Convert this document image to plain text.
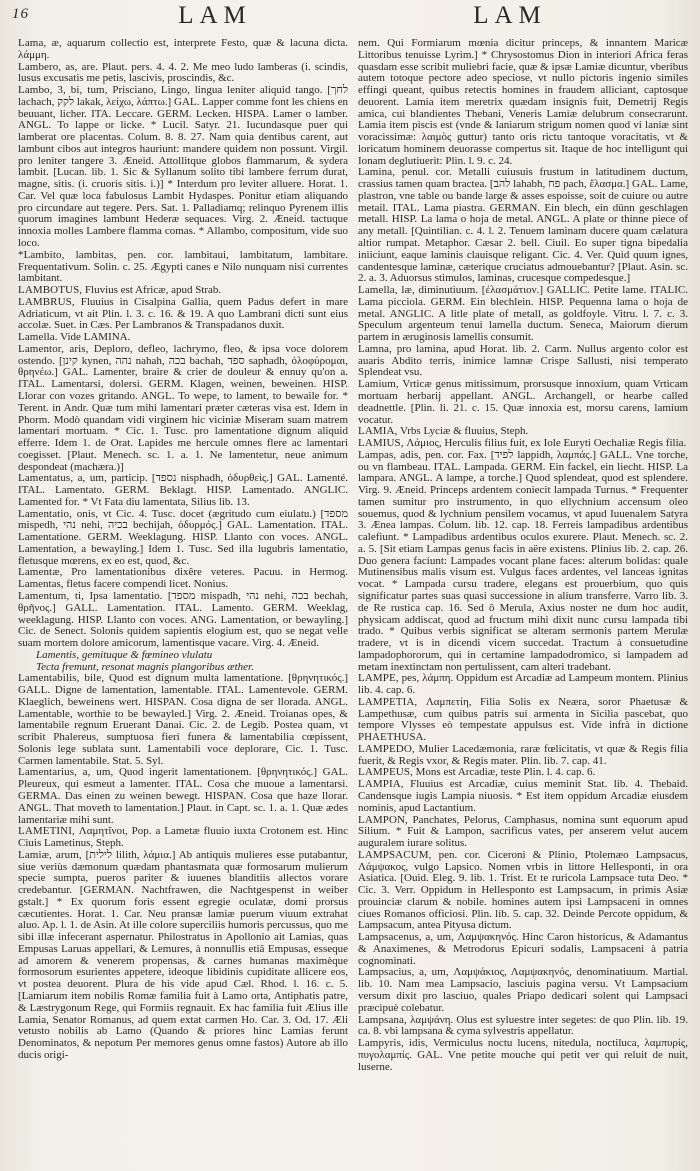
16	LAM	LAM

Lama, æ, aquarum collectio est, interprete Festo, quæ & lacuna dicta. λάμμη.

Lambero, as, are. Plaut. pers. 4. 4. 2. Me meo ludo lamberas (i. scindis, lusus excusatis me petis, lascivis, proscindis, &c.

Lambo, 3, bi, tum, Prisciano, Lingo, lingua leniter aliquid tango. [לחך lachach, לקק lakak, λείχω, λάπτω.] GAL. Lapper comme font les chiens en beuuant, licher. ITA. Leccare. GERM. Lecken. HISPA. Lamer o lamber. ANGL. To lappe or licke. * Lucil. Satyr. 21. Iucundasque puer qui lamberat ore placentas. Colum. 8. 8. 27. Nam quia dentibus carent, aut lambunt cibos aut integros hauriunt: mandere quidem non possunt. Virgil. pro leniter tangere 3. Æneid. Attollitque globos flammarum, & sydera lambit. [Lucan. lib. 1. Sic & Syllanum solito tibi lambere ferrum durat, magne, sitis. (i. cruoris sitis. i.)] * Interdum pro leviter alluere. Horat. 1. Car. Vel quæ loca fabulosus Lambit Hydaspes. Ponitur etiam aliquando pro circundare aut tegere. Pers. Sat. 1. Palladiamq; relinquo Pyrenem illis quorum imagines lambunt Hederæ sequaces. Virg. 2. Æneid. tactuque innoxia molles Lambere flamma comas. * Allambo, compositum, vide suo loco.

*Lambito, lambitas, pen. cor. lambitaui, lambitatum, lambitare. Frequentativum. Solin. c. 25. Ægypti canes e Nilo nunquam nisi currentes lambitant.

LAMBOTUS, Fluvius est Africæ, apud Strab.

LAMBRUS, Fluuius in Cisalpina Gallia, quem Padus defert in mare Adriaticum, vt ait Plin. l. 3. c. 16. & 19. A quo Lambrani dicti sunt eius accolæ. Suet. in Cæs. Per Lambranos & Transpadanos duxit.

Lamella. Vide LAMINA.

Lamentor, aris, Deploro, defleo, lachrymo, fleo, & ipsa voce dolorem ostendo. [קינן kynen, נהה nahah, בכה bachah, ספד saphadh, ὀλοφύρομαι, θρηνέω.] GAL. Lamenter, braire & crier de douleur & ennuy qu'on a. ITAL. Lamentarsi, dolersi. GERM. Klagen, weinen, beweinen. HISP. Llorar con vozes gritando. ANGL. To wepe, to lament, to bewaile for. * Terent. in Andr. Quæ tum mihi lamentari præter cæteras visa est. Idem in Phorm. Modò quandam vidi virginem hic viciniæ Miseram suam matrem lamentari mortuam. * Cic. 1. Tusc. pro lamentatione dignum aliquid efferre. Idem 1. de Orat. Lapides me hercule omnes flere ac lamentari coegisset. [Plaut. Menech. sc. 1. a. 1. Ne lamentetur, neue animum despondeat (machæra.)]

Lamentatus, a, um, particip. [נספד nisphadh, ὀδυρθεὶς.] GAL. Lamenté. ITAL. Lamentato. GERM. Beklagt. HISP. Lamentado. ANGLIC. Lamented for. * Vt Fata diu lamentata, Silius lib. 13.

Lamentatio, onis, vt Cic. 4. Tusc. docet (ægritudo cum eiulatu.) [מספד mispedh, נהי nehi, בכיה bechijah, ὀδυρμός.] GAL. Lamentation. ITAL. Lamentatione. GERM. Weeklagung. HISP. Llanto con voces. ANGL. Lamentation, a bewayling.] Idem 1. Tusc. Sed illa lugubris lamentatio, fletusque mœrens, ex eo est, quod, &c.

Lamentæ, Pro lamentationibus dixêre veteres. Pacuu. in Hermog. Lamentas, fletus facere compendi licet. Nonius.

Lamentum, ti, Ipsa lamentatio. [מספד mispadh, נהי nehi, בכה bechah, θρῆνος.] GALL. Lamentation. ITAL. Lamento. GERM. Weeklag, weeklagung. HISP. Llanto con voces. ANG. Lamentation, or bewayling.] Cic. de Senect. Solonis quidem sapientis elogium est, quo se negat velle suam mortem dolore amicorum, lamentisque vacare. Virg. 4. Æneid.

Lamentis, gemituque & fœmineo vlulatu
Tecta fremunt, resonat magnis plangoribus æther.

Lamentabilis, bile, Quod est dignum multa lamentatione. [θρηνητικός.] GALL. Digne de lamentation, lamentable. ITAL. Lamentevole. GERM. Klaeglich, beweinens wert. HISPAN. Cosa digna de ser llorada. ANGL. Lamentable, worthie to be bewayled.] Virg. 2. Æneid. Troianas opes, & lamentabile regnum Eruerant Danai. Cic. 2. de Legib. Postea quam, vt scribit Phalereus, sumptuosa fieri funera & lamentabilia cœpissent, Solonis lege sublata sunt. Lamentabili voce deplorare, Cic. 1. Tusc. Carmen lamentabile. Stat. 5. Syl.

Lamentarius, a, um, Quod ingerit lamentationem. [θρηνητικός.] GAL. Pleureux, qui esmeut a lamenter. ITAL. Cosa che muoue a lamentarsi. GERMA. Das einen zu weinen bewegt. HISPAN. Cosa que haze llorar. ANGL. That moveth to lamentation.] Plaut. in Capt. sc. 1. a. 1. Quæ ædes lamentariæ mihi sunt.

LAMETINI, Λαμητῖνοι, Pop. a Lametæ fluuio iuxta Crotonem est. Hinc Ciuis Lametinus, Steph.

Lamiæ, arum, [לילית lilith, λάμια.] Ab antiquis mulieres esse putabantur, siue veriùs dæmonum quædam phantasmata quæ formosarum mulierum specie sumpta, pueros pariter & iuuenes blanditiis allectos vorare credebantur. [GERMAN. Nachtfrawen, die Nachtgespenst in weiber gstalt.] * Ex quorum foris essent egregie oculatæ, domi prorsus cæcutientes. Horat. 1. Car. Neu pransæ lamiæ puerum viuum extrahat aluo. Ap. l. 1. de Asin. At ille colore superciliis humoris percussus, quo me sibi illæ infecerant aspernatur. Philostratus in Apollonio ait Lamias, quas Empusas Laruas appellari, & Lemures, à nonnullis etiã Empusas, esseque ad amorem & venerem propensas, & carnes humanas maximèque formosorum esurientes appetere, ideoque libidinis cupiditate allicere eos, vt postea deuorent. Plura de his vide apud Cæl. Rhod. l. 16. c. 5. [Lamiarum item nobilis Romæ familia fuit à Lamo orta, Antiphatis patre, & Læstrygonum Rege, qui Formiis regnauit. Ex hac familia fuit Ælius ille Lamia, Senator Romanus, ad quem extat carmen Ho. Car. 3. Od. 17. Æli vetusto nobilis ab Lamo (Quando & priores hinc Lamias ferunt Denominatos, & nepotum Per memores genus omne fastos) Autore ab illo ducis origi-

nem. Qui Formiarum mœnia dicitur princeps, & innantem Maricæ Littoribus tenuisse Lyrim.] * Chrysostomus Dion in interiori Africa feras quasdam esse scribit muliebri facie, quæ & ipsæ Lamiæ dicuntur, vberibus autem totoque pectore adeo speciose, vt nullo pictoris ingenio similes effingi queant, quibus retectis homines in fraudem alliciant, captosque deuorent. Lamia item meretrix quædam insignis fuit, Demetrij Regis amica, cui blandientes Thebani, Veneris Lamiæ delubrum consecrarunt. Lamia item piscis est (vnde & laniarum strigum nomen quod vi laniæ sint voracissimæ: λαιμὸς guttur) tanto oris rictu tantoque voracitatis, vt & loricatum hominem deuorasse compertus sit. Itaque de hoc intelligunt qui Ionam deglutiuerit: Plin. l. 9. c. 24.

Lamina, penul. cor. Metalli cuiusuis frustum in latitudinem ductum, crassius tamen quam bractea. [להב lahabh, פח pach, ἔλασμα.] GAL. Lame, plastron, vne table ou bande large & asses espoisse, soit de cuiure ou autre metail. ITAL. Lama piastra. GERMAN. Ein blech, ein dünn geschlagen metall. HISP. La lama o hoja de metal. ANGL. A plate or thinne piece of any metall. [Quintilian. c. 4. l. 2. Tenuem laminam ducere quam cælatura altior rumpat. Metaphor. Cæsar 2. bell. Ciuil. Eo super tigna bipedalia iniiciunt, eaque laminis clauisque religant. Cic. 4. Ver. Quid quum ignes, candentesque laminæ, cæterique cruciatus admouebantur? [Plaut. Asin. sc. 2. a. 3. Aduorsus stimulos, laminas, crucesque compedesque.]

Lamella, læ, diminutiuum. [ἐλασμάτιον.] GALLIC. Petite lame. ITALIC. Lama picciola. GERM. Ein blechlein. HISP. Pequenna lama o hoja de metal. ANGLIC. A litle plate of metall, as goldfoyle. Vitru. l. 7. c. 3. Speculum argenteum tenui lamella ductum. Seneca, Maiorum dierum partem in æruginosis lamellis consumit.

Lamna, pro lamina, apud Horat. lib. 2. Carm. Nullus argento color est auaris Abdito terris, inimice lamnæ Crispe Sallusti, nisi temperato Splendeat vsu.

Lamium, Vrticæ genus mitissimum, prorsusque innoxium, quam Vrticam mortuam herbarij appellant. ANGL. Archangell, or hearbe called deadnettle. [Plin. li. 21. c. 15. Quæ innoxia est, morsu carens, lamium vocatur.

LAMIA, Vrbs Lyciæ & fluuius, Steph.

LAMIUS, Λάμιος, Herculis filius fuit, ex Iole Euryti Oechaliæ Regis filia.

Lampas, adis, pen. cor. Fax. [לפיד lappidh, λαμπάς.] GALL. Vne torche, ou vn flambeau. ITAL. Lampada. GERM. Ein fackel, ein liecht. HISP. La lampara. ANGL. A lampe, a torche.] Quod splendeat, quod est splendere. Virg. 9. Æneid. Princeps ardentem coniecit lampada Turnus. * Frequenter tamen sumitur pro instrumento, in quo ellychnium accensum oleo souemus, quod & lychnium pensilem vocamus, vt apud Iuuenalem Satyra 3. Ænea lampas. Colum. lib. 12. cap. 18. Ferreis lampadibus ardentibus calefiunt. * Lampadibus ardentibus oculos exurere. Plaut. Menech. sc. 2. a. 5. [Sit etiam Lampas genus facis in aëre existens. Plinius lib. 2. cap. 26. Duo genera faciunt: Lampades vocant plane faces: alterum bolidas: quale Mutinensibus malis visum est. Vulgus faces ardentes, vel lanceas ignitas vocat. * Lampada cursu tradere, elegans est prouerbium, quo quis significatur partes suas quasi successione in alium transferre. Varro lib. 3. de Re rustica cap. 16. Sed ô Merula, Axius noster ne dum hoc audit, physicam addiscat, quod ad fructum mihi dixit nunc cursu lampada tibi trado. * Quibus verbis significat se alteram sermonis partem Merulæ tradere, vt is in dicendi vicem succedat. Tractum à consuetudine lampadophororum, qui in certamine lampadodromico, si lampadem ad metam inextinctam non pertulissent, cam alteri tradebant.

LAMPE, pes, λάμπη. Oppidum est Arcadiæ ad Lampeum montem. Plinius lib. 4. cap. 6.

LAMPETIA, Λαμπετίη, Filia Solis ex Neæra, soror Phaetusæ & Lampethusæ, cum quibus patris sui armenta in Sicilia pascebat, quo tempore Vlysses eò tempestate appulsus est. Vide infrà in dictione PHAETHUSA.

LAMPEDO, Mulier Lacedæmonia, raræ fœlicitatis, vt quæ & Regis filia fuerit, & Regis vxor, & Regis mater. Plin. lib. 7. cap. 41.

LAMPEUS, Mons est Arcadiæ, teste Plin. l. 4. cap. 6.

LAMPIA, Fluuius est Arcadiæ, cuius meminit Stat. lib. 4. Thebaid. Candensque iugis Lampia niuosis. * Est item oppidum Arcadiæ eiusdem nominis, apud Lactantium.

LAMPON, Panchates, Pelorus, Camphasus, nomina sunt equorum apud Silium. * Fuit & Lampon, sacrificus vates, per anserem velut aucem auguralem iurare solitus.

LAMPSACUM, pen. cor. Ciceroni & Plinio, Ptolemæo Lampsacus, Λάμψακος, vulgo Lapsico. Nomen vrbis in littore Hellesponti, in ora Asiatica. [Ouid. Eleg. 9. lib. 1. Trist. Et te ruricola Lampsace tuta Deo. * Cic. 3. Verr. Oppidum in Hellesponto est Lampsacum, in primis Asiæ prouinciæ clarum & nobile. homines autem ipsi Lampsaceni in omnes ciues Romanos officiosi. Plin. lib. 5. cap. 32. Deinde Percote oppidum, & Lampsacum, antea Pityusa dictum.

Lampsacenus, a, um, Λαμψακηνός. Hinc Caron historicus, & Adamantus & Anaximenes, & Metrodorus Epicuri sodalis, Lampsaceni à patria cognominati.

Lampsacius, a, um, Λαμψάκιος, Λαμψακηνός, denominatiuum. Martial. lib. 10. Nam mea Lampsacio, lasciuis pagina versu. Vt Lampsacium versum dixit pro lasciuo, quales Priapo dedicari solent qui Lampsaci præcipuè colebatur.

Lampsana, λαμψάνη. Olus est syluestre inter segetes: de quo Plin. lib. 19. ca. 8. vbi lampsana & cyma sylvestris appellatur.

Lampyris, idis, Vermiculus noctu lucens, nitedula, noctiluca, λαμπυρίς, πυγολαμπίς. GAL. Vne petite mouche qui petit ver qui reluit de nuit, luserne.
